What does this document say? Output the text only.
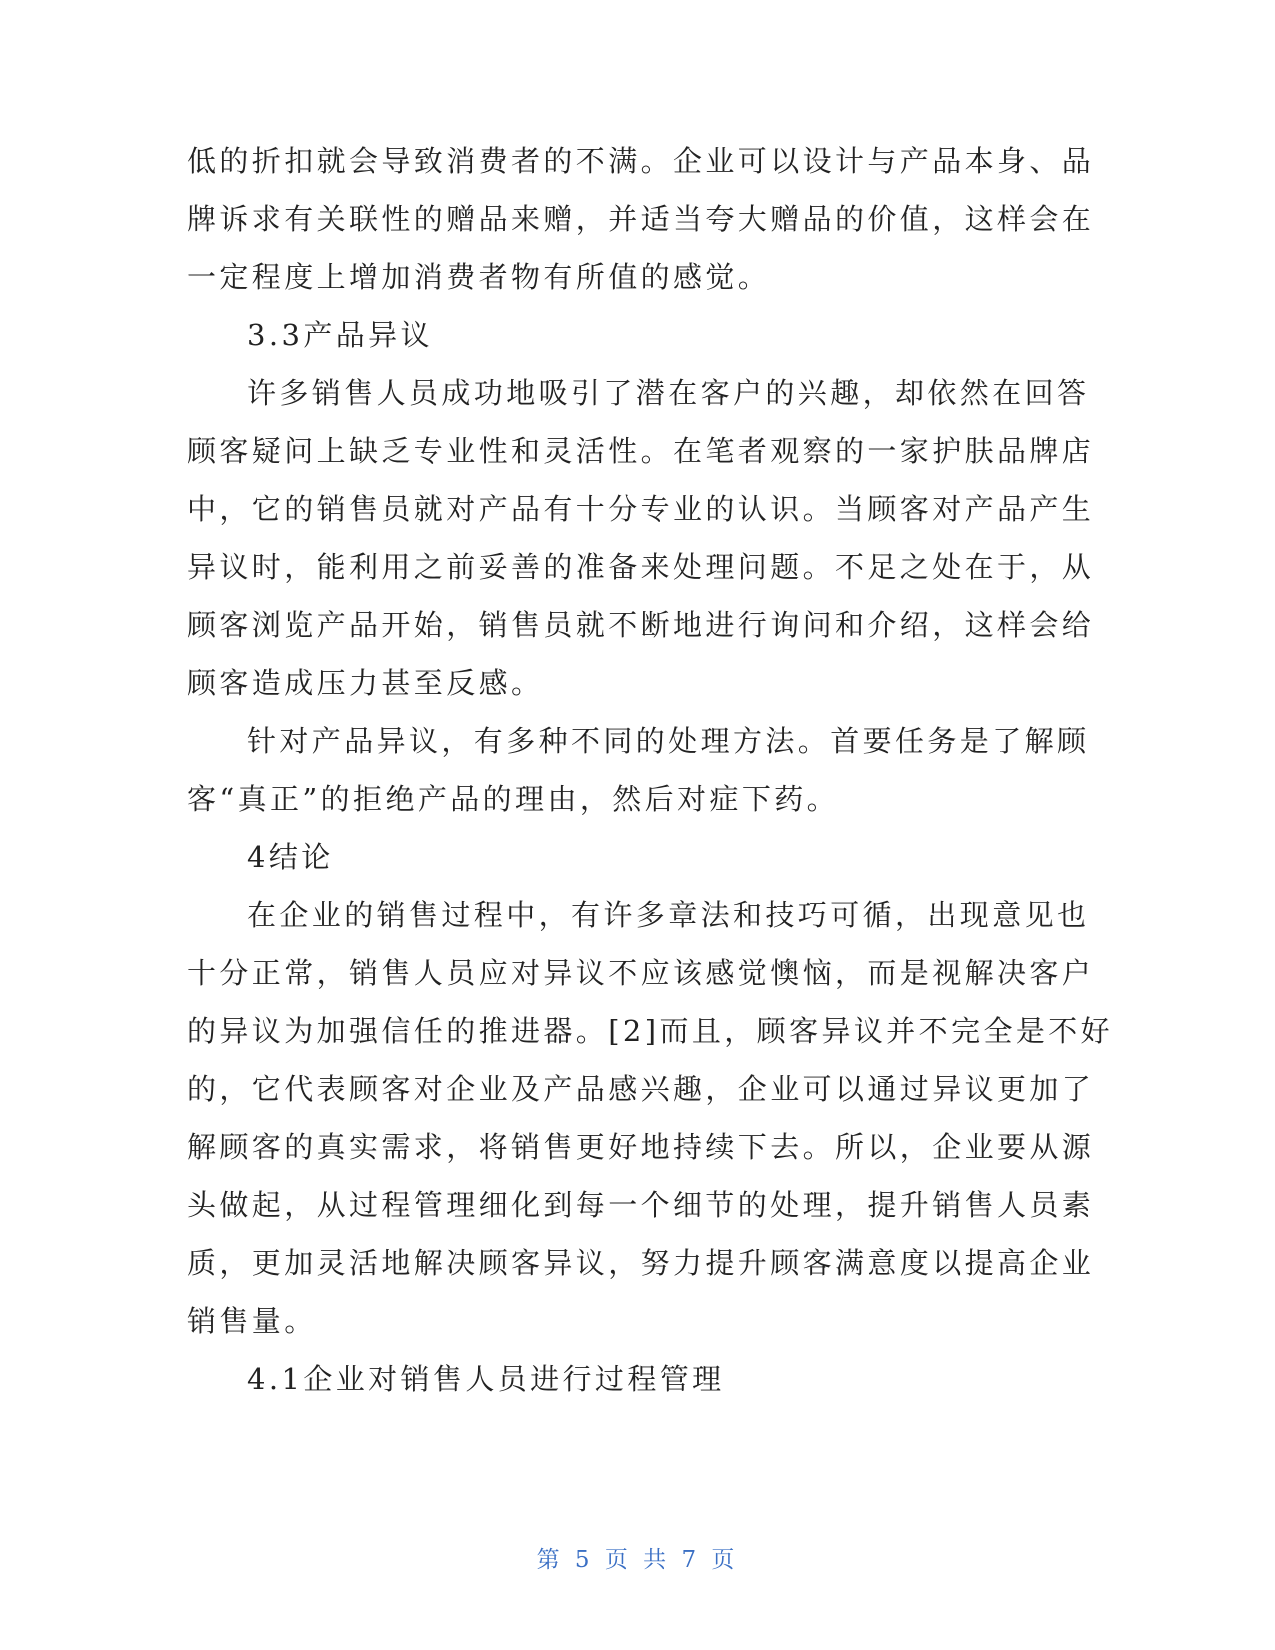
低的折扣就会导致消费者的不满。企业可以设计与产品本身、品
牌诉求有关联性的赠品来赠，并适当夸大赠品的价值，这样会在
一定程度上增加消费者物有所值的感觉。
3.3产品异议
许多销售人员成功地吸引了潜在客户的兴趣，却依然在回答
顾客疑问上缺乏专业性和灵活性。在笔者观察的一家护肤品牌店
中，它的销售员就对产品有十分专业的认识。当顾客对产品产生
异议时，能利用之前妥善的准备来处理问题。不足之处在于，从
顾客浏览产品开始，销售员就不断地进行询问和介绍，这样会给
顾客造成压力甚至反感。
针对产品异议，有多种不同的处理方法。首要任务是了解顾
客“真正”的拒绝产品的理由，然后对症下药。
4结论
在企业的销售过程中，有许多章法和技巧可循，出现意见也
十分正常，销售人员应对异议不应该感觉懊恼，而是视解决客户
的异议为加强信任的推进器。[2]而且，顾客异议并不完全是不好
的，它代表顾客对企业及产品感兴趣，企业可以通过异议更加了
解顾客的真实需求，将销售更好地持续下去。所以，企业要从源
头做起，从过程管理细化到每一个细节的处理，提升销售人员素
质，更加灵活地解决顾客异议，努力提升顾客满意度以提高企业
销售量。
4.1企业对销售人员进行过程管理
第 5 页 共 7 页
